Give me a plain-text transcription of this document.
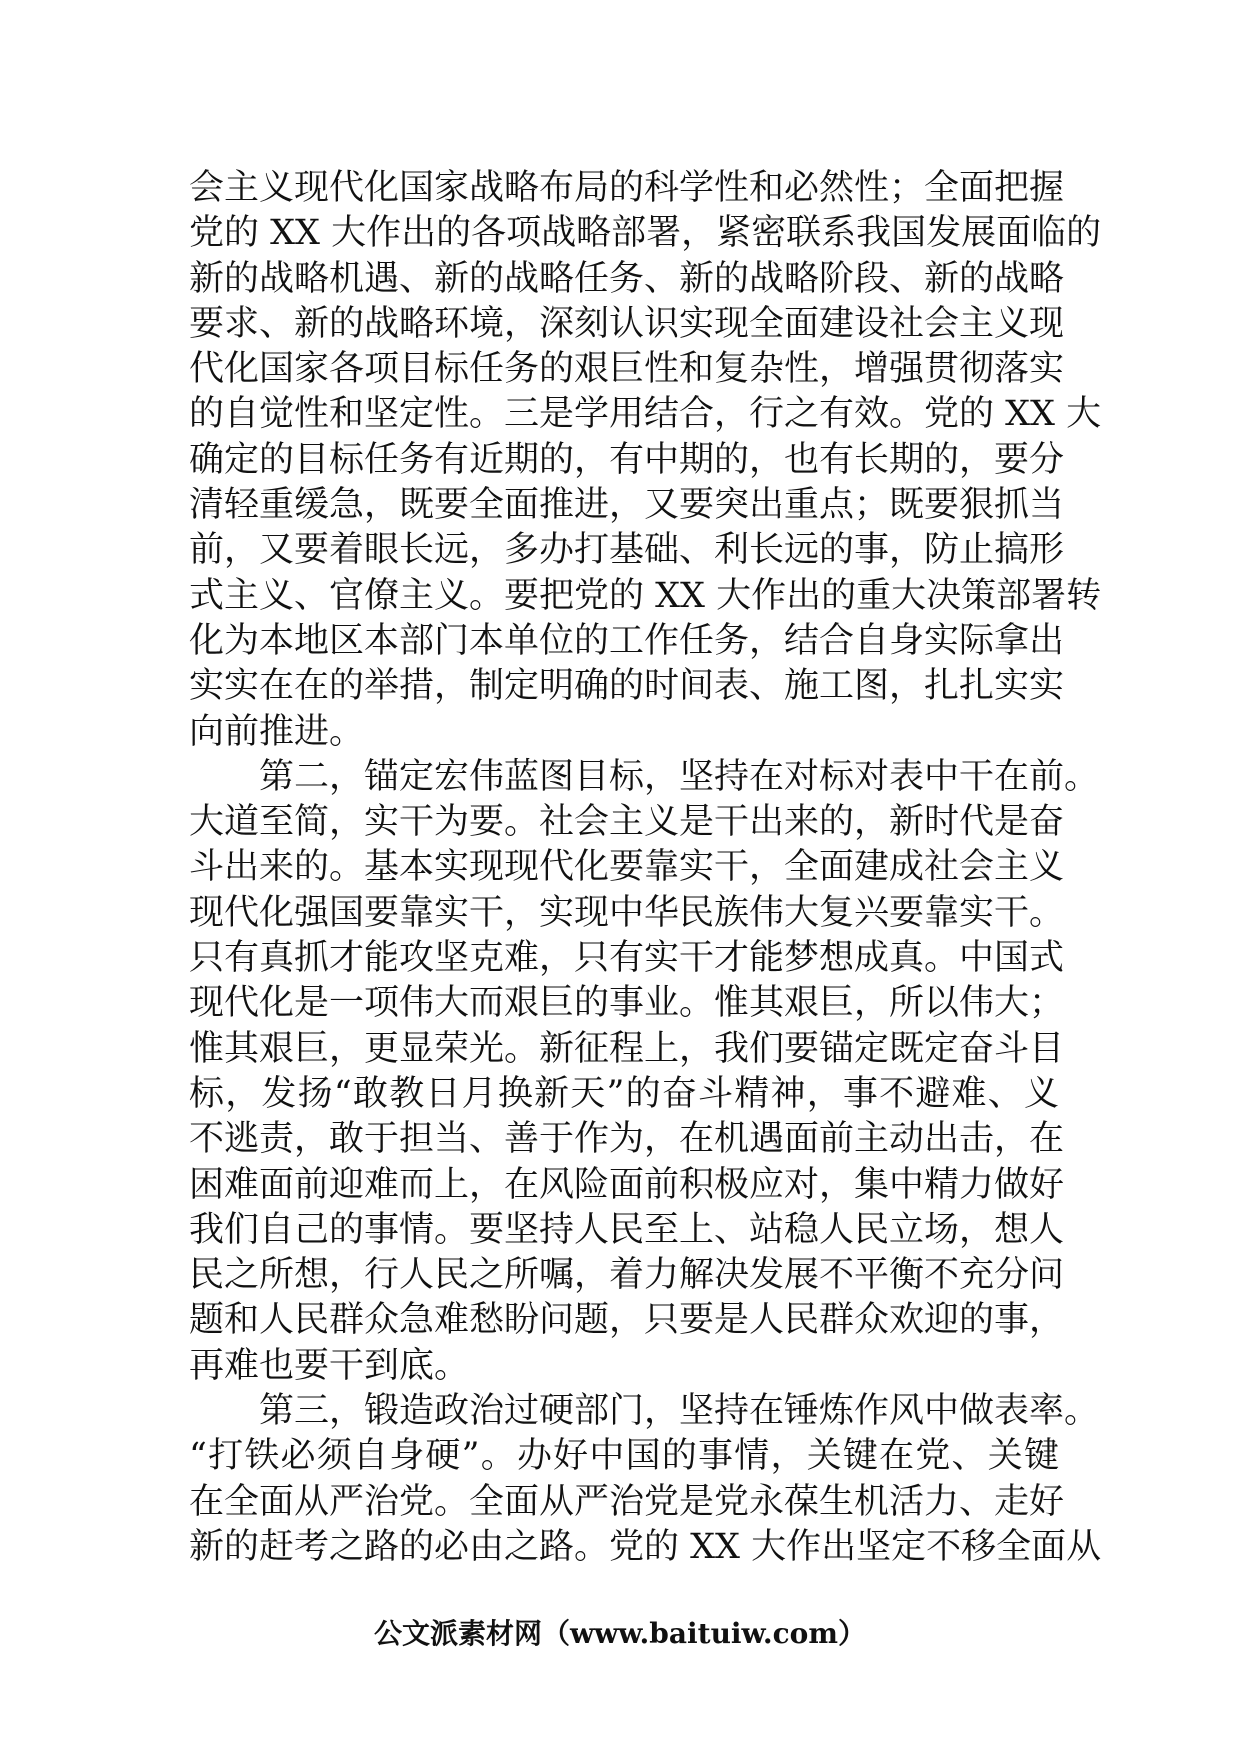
会主义现代化国家战略布局的科学性和必然性；全面把握
党的 XX 大作出的各项战略部署，紧密联系我国发展面临的
新的战略机遇、新的战略任务、新的战略阶段、新的战略
要求、新的战略环境，深刻认识实现全面建设社会主义现
代化国家各项目标任务的艰巨性和复杂性，增强贯彻落实
的自觉性和坚定性。三是学用结合，行之有效。党的 XX 大
确定的目标任务有近期的，有中期的，也有长期的，要分
清轻重缓急，既要全面推进，又要突出重点；既要狠抓当
前，又要着眼长远，多办打基础、利长远的事，防止搞形
式主义、官僚主义。要把党的 XX 大作出的重大决策部署转
化为本地区本部门本单位的工作任务，结合自身实际拿出
实实在在的举措，制定明确的时间表、施工图，扎扎实实
向前推进。
第二，锚定宏伟蓝图目标，坚持在对标对表中干在前。
大道至简，实干为要。社会主义是干出来的，新时代是奋
斗出来的。基本实现现代化要靠实干，全面建成社会主义
现代化强国要靠实干，实现中华民族伟大复兴要靠实干。
只有真抓才能攻坚克难，只有实干才能梦想成真。中国式
现代化是一项伟大而艰巨的事业。惟其艰巨，所以伟大；
惟其艰巨，更显荣光。新征程上，我们要锚定既定奋斗目
标，发扬“敢教日月换新天”的奋斗精神，事不避难、义
不逃责，敢于担当、善于作为，在机遇面前主动出击，在
困难面前迎难而上，在风险面前积极应对，集中精力做好
我们自己的事情。要坚持人民至上、站稳人民立场，想人
民之所想，行人民之所嘱，着力解决发展不平衡不充分问
题和人民群众急难愁盼问题，只要是人民群众欢迎的事，
再难也要干到底。
第三，锻造政治过硬部门，坚持在锤炼作风中做表率。
“打铁必须自身硬”。办好中国的事情，关键在党、关键
在全面从严治党。全面从严治党是党永葆生机活力、走好
新的赶考之路的必由之路。党的 XX 大作出坚定不移全面从
公文派素材网（www.baituiw.com）
